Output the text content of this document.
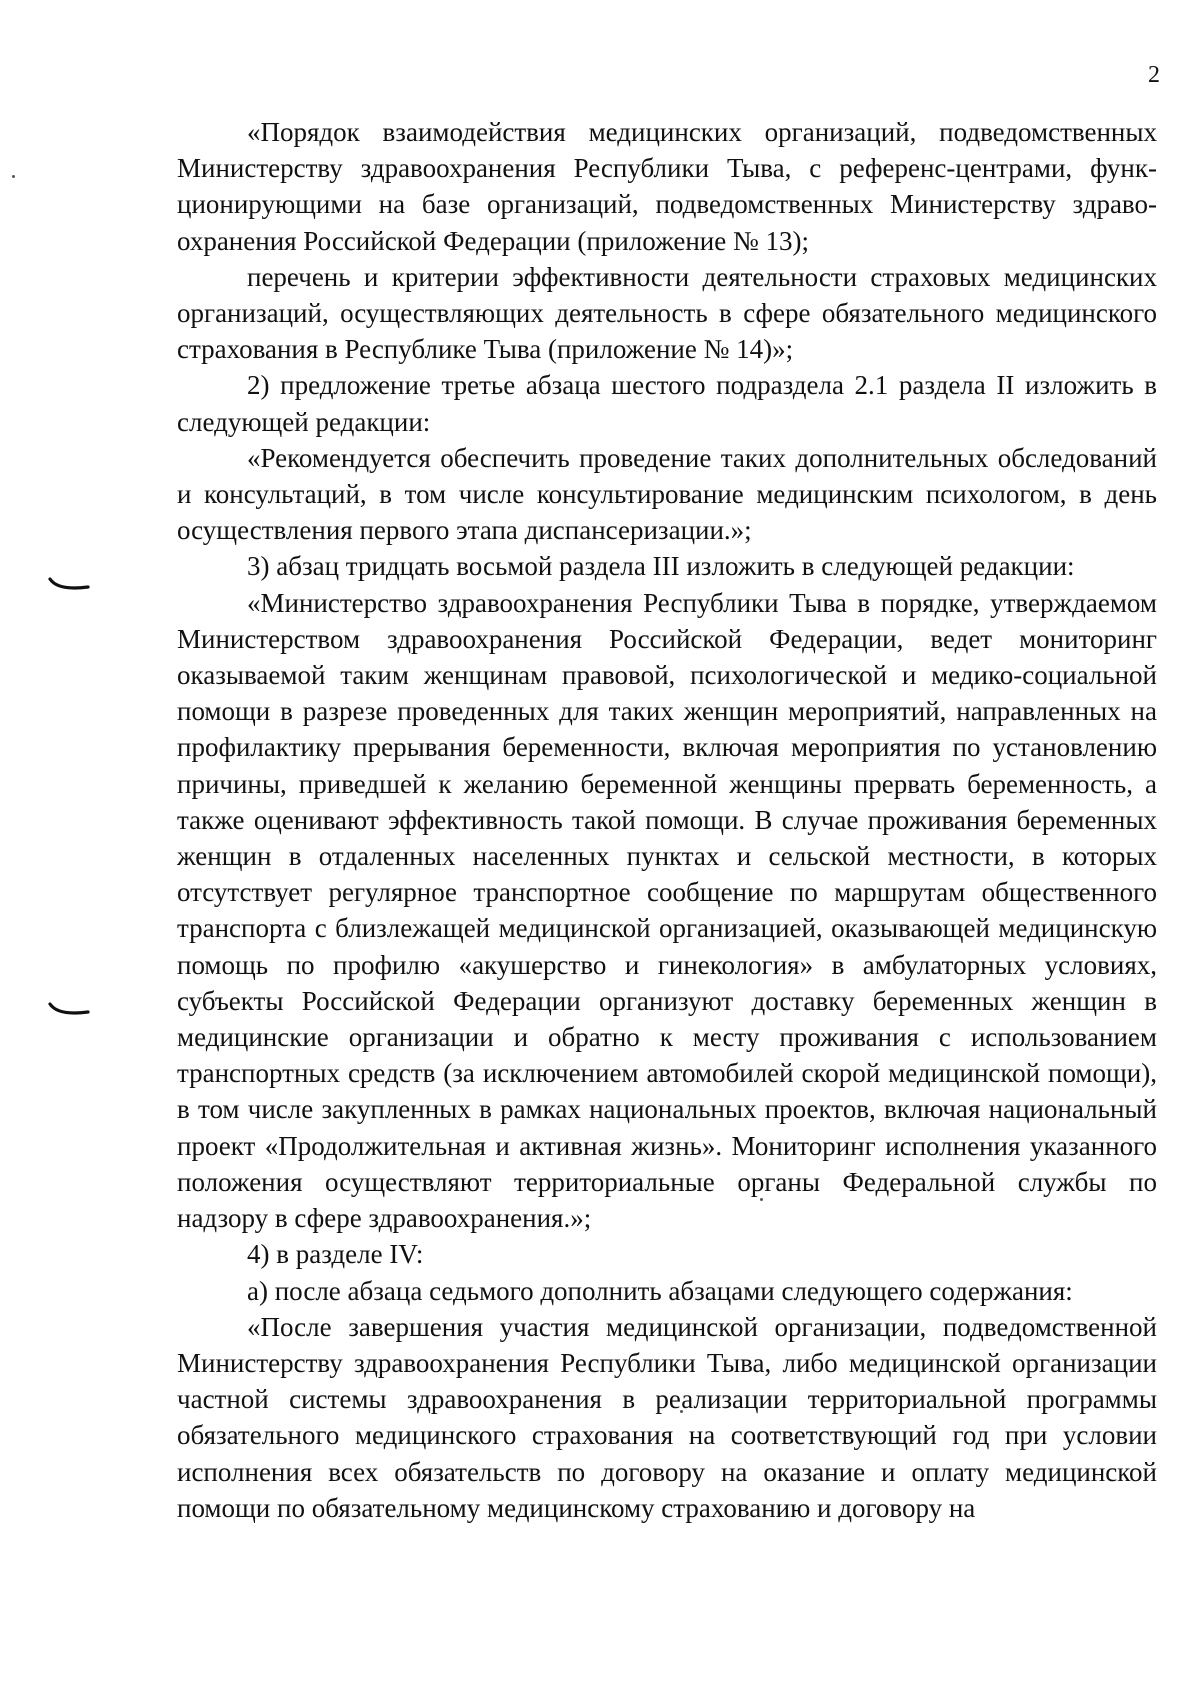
2

«Порядок взаимодействия медицинских организаций, подведомственных Министерству здравоохранения Республики Тыва, с референс-центрами, функционирующими на базе организаций, подведомственных Министерству здравоохранения Российской Федерации (приложение № 13);

перечень и критерии эффективности деятельности страховых медицинских организаций, осуществляющих деятельность в сфере обязательного медицинского страхования в Республике Тыва (приложение № 14)»;

2) предложение третье абзаца шестого подраздела 2.1 раздела II изложить в следующей редакции:

«Рекомендуется обеспечить проведение таких дополнительных обследований и консультаций, в том числе консультирование медицинским психологом, в день осуществления первого этапа диспансеризации.»;

3) абзац тридцать восьмой раздела III изложить в следующей редакции:

«Министерство здравоохранения Республики Тыва в порядке, утверждаемом Министерством здравоохранения Российской Федерации, ведет мониторинг оказываемой таким женщинам правовой, психологической и медико-социальной помощи в разрезе проведенных для таких женщин мероприятий, направленных на профилактику прерывания беременности, включая мероприятия по установлению причины, приведшей к желанию беременной женщины прервать беременность, а также оценивают эффективность такой помощи. В случае проживания беременных женщин в отдаленных населенных пунктах и сельской местности, в которых отсутствует регулярное транспортное сообщение по маршрутам общественного транспорта с близлежащей медицинской организацией, оказывающей медицинскую помощь по профилю «акушерство и гинекология» в амбулаторных условиях, субъекты Российской Федерации организуют доставку беременных женщин в медицинские организации и обратно к месту проживания с использованием транспортных средств (за исключением автомобилей скорой медицинской помощи), в том числе закупленных в рамках национальных проектов, включая национальный проект «Продолжительная и активная жизнь». Мониторинг исполнения указанного положения осуществляют территориальные органы Федеральной службы по надзору в сфере здравоохранения.»;

4) в разделе IV:

а) после абзаца седьмого дополнить абзацами следующего содержания:

«После завершения участия медицинской организации, подведомственной Министерству здравоохранения Республики Тыва, либо медицинской организации частной системы здравоохранения в реализации территориальной программы обязательного медицинского страхования на соответствующий год при условии исполнения всех обязательств по договору на оказание и оплату медицинской помощи по обязательному медицинскому страхованию и договору на
